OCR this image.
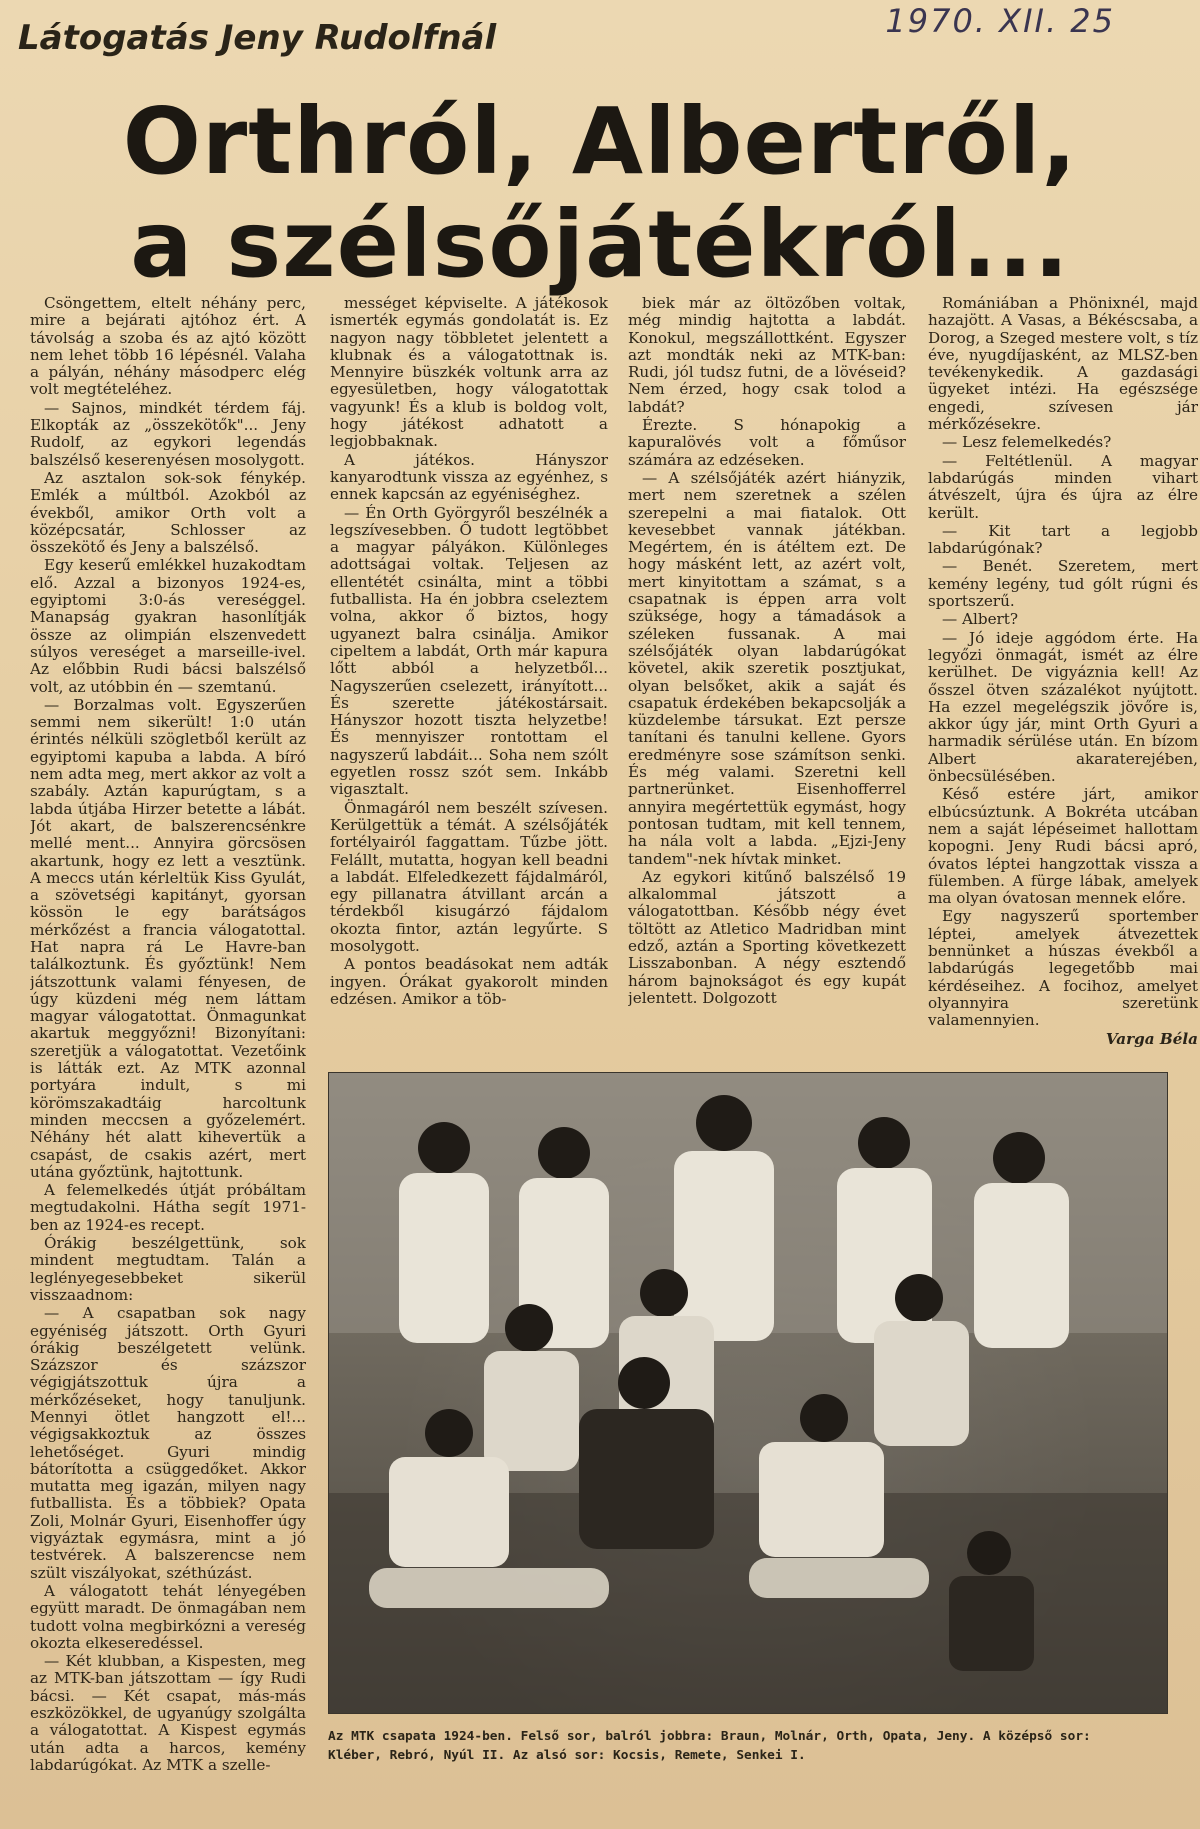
1970. XII. 25
Látogatás Jeny Rudolfnál
Orthról, Albertről,
a szélsőjátékról...

Csöngettem, eltelt néhány perc, mire a bejárati ajtóhoz ért. A távolság a szoba és az ajtó között nem lehet több 16 lépésnél. Valaha a pályán, néhány másodperc elég volt megtételéhez.

— Sajnos, mindkét térdem fáj. Elkopták az „összekötők"... Jeny Rudolf, az egykori legendás balszélső keserenyésen mosolygott.

Az asztalon sok-sok fénykép. Emlék a múltból. Azokból az évekből, amikor Orth volt a középcsatár, Schlosser az összekötő és Jeny a balszélső.

Egy keserű emlékkel huzakodtam elő. Azzal a bizonyos 1924-es, egyiptomi 3:0-ás vereséggel. Manapság gyakran hasonlítják össze az olimpián elszenvedett súlyos vereséget a marseille-ivel. Az előbbin Rudi bácsi balszélső volt, az utóbbin én — szemtanú.

— Borzalmas volt. Egyszerűen semmi nem sikerült! 1:0 után érintés nélküli szögletből került az egyiptomi kapuba a labda. A bíró nem adta meg, mert akkor az volt a szabály. Aztán kapurúgtam, s a labda útjába Hirzer betette a lábát. Jót akart, de balszerencsénkre mellé ment... Annyira görcsösen akartunk, hogy ez lett a vesztünk. A meccs után kérleltük Kiss Gyulát, a szövetségi kapitányt, gyorsan kössön le egy barátságos mérkőzést a francia válogatottal. Hat napra rá Le Havre-ban találkoztunk. És győztünk! Nem játszottunk valami fényesen, de úgy küzdeni még nem láttam magyar válogatottat. Önmagunkat akartuk meggyőzni! Bizonyítani: szeretjük a válogatottat. Vezetőink is látták ezt. Az MTK azonnal portyára indult, s mi körömszakadtáig harcoltunk minden meccsen a győzelemért. Néhány hét alatt kihevertük a csapást, de csakis azért, mert utána győztünk, hajtottunk.

A felemelkedés útját próbáltam megtudakolni. Hátha segít 1971-ben az 1924-es recept.

Órákig beszélgettünk, sok mindent megtudtam. Talán a leglényegesebbeket sikerül visszaadnom:

— A csapatban sok nagy egyéniség játszott. Orth Gyuri órákig beszélgetett velünk. Százszor és százszor végigjátszottuk újra a mérkőzéseket, hogy tanuljunk. Mennyi ötlet hangzott el!... végigsakkoztuk az összes lehetőséget. Gyuri mindig bátorította a csüggedőket. Akkor mutatta meg igazán, milyen nagy futballista. És a többiek? Opata Zoli, Molnár Gyuri, Eisenhoffer úgy vigyáztak egymásra, mint a jó testvérek. A balszerencse nem szült viszályokat, széthúzást.

A válogatott tehát lényegében együtt maradt. De önmagában nem tudott volna megbirkózni a vereség okozta elkeseredéssel.

— Két klubban, a Kispesten, meg az MTK-ban játszottam — így Rudi bácsi. — Két csapat, más-más eszközökkel, de ugyanúgy szolgálta a válogatottat. A Kispest egymás után adta a harcos, kemény labdarúgókat. Az MTK a szelle-

mességet képviselte. A játékosok ismerték egymás gondolatát is. Ez nagyon nagy többletet jelentett a klubnak és a válogatottnak is. Mennyire büszkék voltunk arra az egyesületben, hogy válogatottak vagyunk! És a klub is boldog volt, hogy játékost adhatott a legjobbaknak.

A játékos. Hányszor kanyarodtunk vissza az egyénhez, s ennek kapcsán az egyéniséghez.

— Én Orth Györgyről beszélnék a legszívesebben. Ő tudott legtöbbet a magyar pályákon. Különleges adottságai voltak. Teljesen az ellentétét csinálta, mint a többi futballista. Ha én jobbra cseleztem volna, akkor ő biztos, hogy ugyanezt balra csinálja. Amikor cipeltem a labdát, Orth már kapura lőtt abból a helyzetből... Nagyszerűen cselezett, irányított... És szerette játékostársait. Hányszor hozott tiszta helyzetbe! És mennyiszer rontottam el nagyszerű labdáit... Soha nem szólt egyetlen rossz szót sem. Inkább vigasztalt.

Önmagáról nem beszélt szívesen. Kerülgettük a témát. A szélsőjáték fortélyairól faggattam. Tűzbe jött. Felállt, mutatta, hogyan kell beadni a labdát. Elfeledkezett fájdalmáról, egy pillanatra átvillant arcán a térdekből kisugárzó fájdalom okozta fintor, aztán legyűrte. S mosolygott.

A pontos beadásokat nem adták ingyen. Órákat gyakorolt minden edzésen. Amikor a töb-

biek már az öltözőben voltak, még mindig hajtotta a labdát. Konokul, megszállottként. Egyszer azt mondták neki az MTK-ban: Rudi, jól tudsz futni, de a lövéseid? Nem érzed, hogy csak tolod a labdát?

Érezte. S hónapokig a kapuralövés volt a főműsor számára az edzéseken.

— A szélsőjáték azért hiányzik, mert nem szeretnek a szélen szerepelni a mai fiatalok. Ott kevesebbet vannak játékban. Megértem, én is átéltem ezt. De hogy másként lett, az azért volt, mert kinyitottam a számat, s a csapatnak is éppen arra volt szüksége, hogy a támadások a széleken fussanak. A mai szélsőjáték olyan labdarúgókat követel, akik szeretik posztjukat, olyan belsőket, akik a saját és csapatuk érdekében bekapcsolják a küzdelembe társukat. Ezt persze tanítani és tanulni kellene. Gyors eredményre sose számítson senki. És még valami. Szeretni kell partnerünket. Eisenhofferrel annyira megértettük egymást, hogy pontosan tudtam, mit kell tennem, ha nála volt a labda. „Ejzi-Jeny tandem"-nek hívtak minket.

Az egykori kitűnő balszélső 19 alkalommal játszott a válogatottban. Később négy évet töltött az Atletico Madridban mint edző, aztán a Sporting következett Lisszabonban. A négy esztendő három bajnokságot és egy kupát jelentett. Dolgozott

Romániában a Phönixnél, majd hazajött. A Vasas, a Békéscsaba, a Dorog, a Szeged mestere volt, s tíz éve, nyugdíjasként, az MLSZ-ben tevékenykedik. A gazdasági ügyeket intézi. Ha egészsége engedi, szívesen jár mérkőzésekre.

— Lesz felemelkedés?

— Feltétlenül. A magyar labdarúgás minden vihart átvészelt, újra és újra az élre került.

— Kit tart a legjobb labdarúgónak?

— Benét. Szeretem, mert kemény legény, tud gólt rúgni és sportszerű.

— Albert?

— Jó ideje aggódom érte. Ha legyőzi önmagát, ismét az élre kerülhet. De vigyáznia kell! Az ősszel ötven százalékot nyújtott. Ha ezzel megelégszik jövőre is, akkor úgy jár, mint Orth Gyuri a harmadik sérülése után. En bízom Albert akaraterejében, önbecsülésében.

Késő estére járt, amikor elbúcsúztunk. A Bokréta utcában nem a saját lépéseimet hallottam kopogni. Jeny Rudi bácsi apró, óvatos léptei hangzottak vissza a fülemben. A fürge lábak, amelyek ma olyan óvatosan mennek előre.

Egy nagyszerű sportember léptei, amelyek átvezettek bennünket a húszas évekből a labdarúgás legegetőbb mai kérdéseihez. A focihoz, amelyet olyannyira szeretünk valamennyien.

Varga Béla
Az MTK csapata 1924-ben. Felső sor, balról jobbra: Braun, Molnár, Orth, Opata, Jeny. A középső sor:
Kléber, Rebró, Nyúl II. Az alsó sor: Kocsis, Remete, Senkei I.
